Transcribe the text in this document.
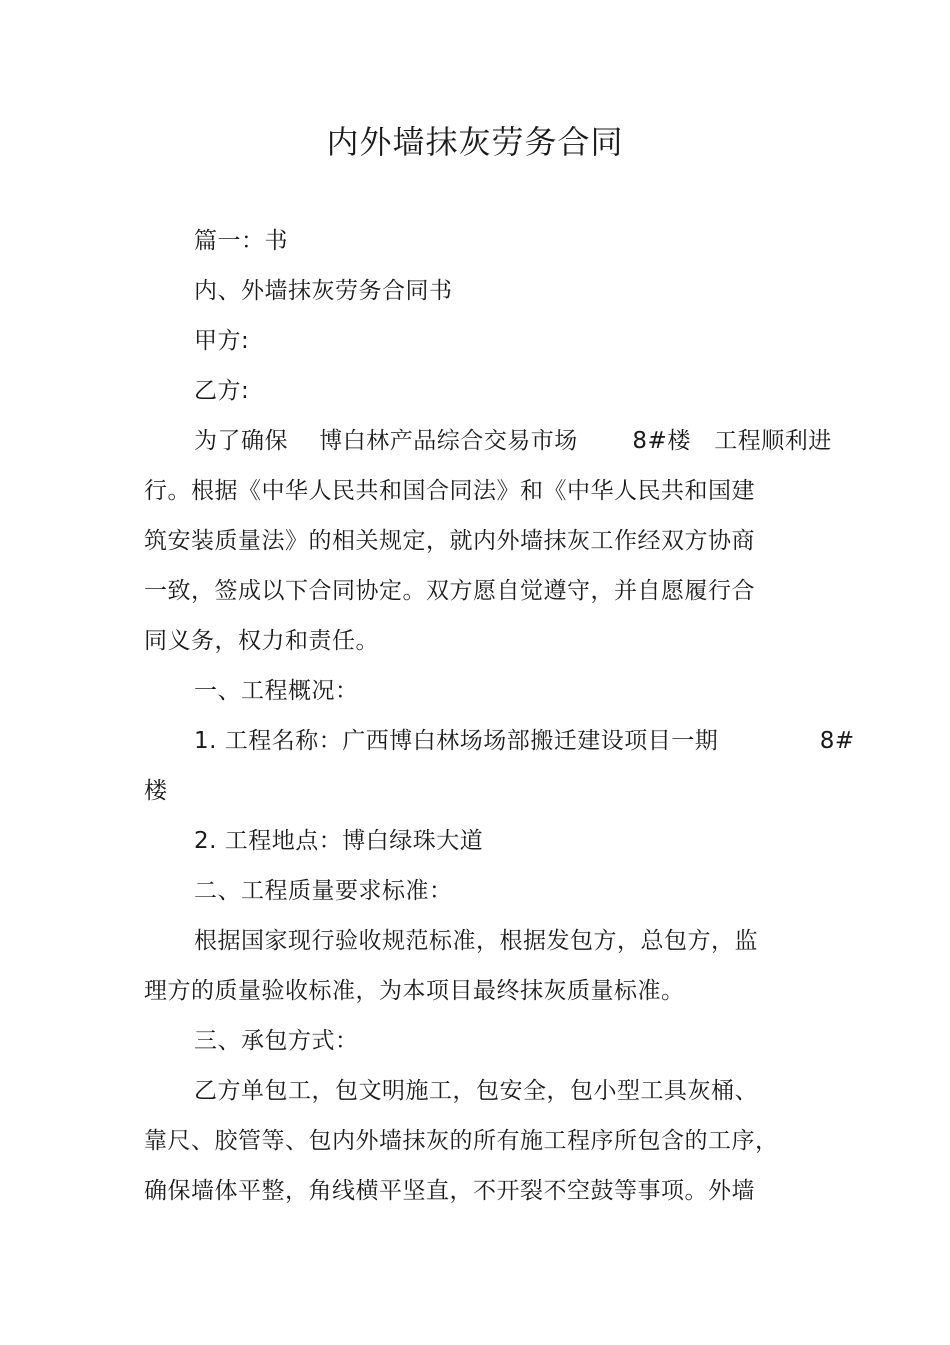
内外墙抹灰劳务合同
篇一：书
内、外墙抹灰劳务合同书
甲方:
乙方:
为了确保    博白林产品综合交易市场       8#楼   工程顺利进
行。根据《中华人民共和国合同法》和《中华人民共和国建
筑安装质量法》的相关规定，就内外墙抹灰工作经双方协商
一致，签成以下合同协定。双方愿自觉遵守，并自愿履行合
同义务，权力和责任。
一、工程概况：
1. 工程名称：广西博白林场场部搬迁建设项目一期             8#
楼
2. 工程地点：博白绿珠大道
二、工程质量要求标准：
根据国家现行验收规范标准，根据发包方，总包方，监
理方的质量验收标准，为本项目最终抹灰质量标准。
三、承包方式：
乙方单包工，包文明施工，包安全，包小型工具灰桶、
靠尺、胶管等、包内外墙抹灰的所有施工程序所包含的工序，
确保墙体平整，角线横平坚直，不开裂不空鼓等事项。外墙
